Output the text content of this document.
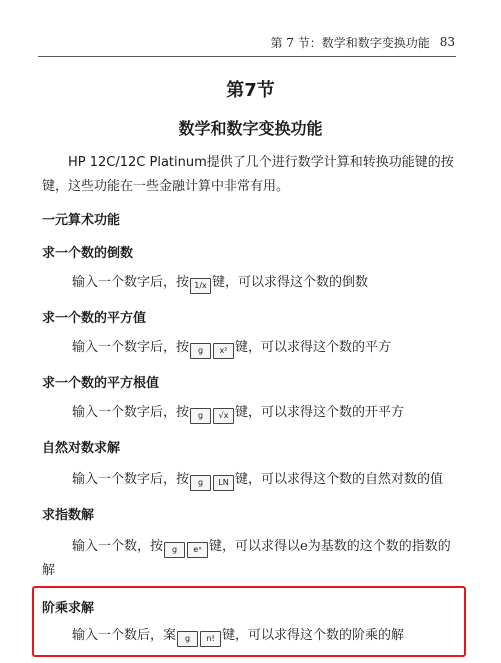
第 7 节：数学和数字变换功能 83
第7节
数学和数字变换功能
HP 12C/12C Platinum提供了几个进行数学计算和转换功能键的按键，这些功能在一些金融计算中非常有用。
一元算术功能
求一个数的倒数
输入一个数字后，按 1/x 键，可以求得这个数的倒数
求一个数的平方值
输入一个数字后，按 g x² 键，可以求得这个数的平方
求一个数的平方根值
输入一个数字后，按 g √x 键，可以求得这个数的开平方
自然对数求解
输入一个数字后，按 g LN 键，可以求得这个数的自然对数的值
求指数解
输入一个数，按 g eˣ 键，可以求得以e为基数的这个数的指数的解
阶乘求解
输入一个数后，案 g n! 键，可以求得这个数的阶乘的解
